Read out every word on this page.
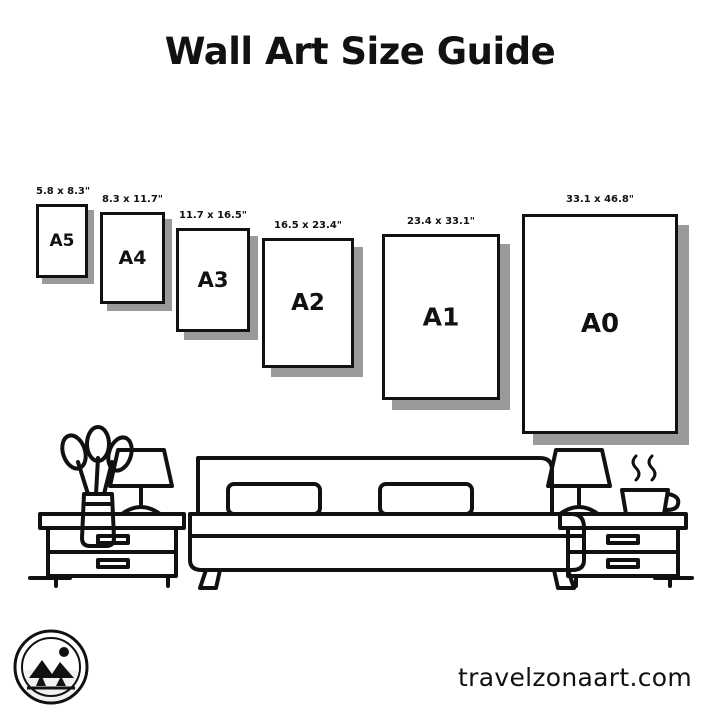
Wall Art Size Guide
5.8 x 8.3"
A5
8.3 x 11.7"
A4
11.7 x 16.5"
A3
16.5 x 23.4"
A2
23.4 x 33.1"
A1
33.1 x 46.8"
A0
travelzonaart.com
